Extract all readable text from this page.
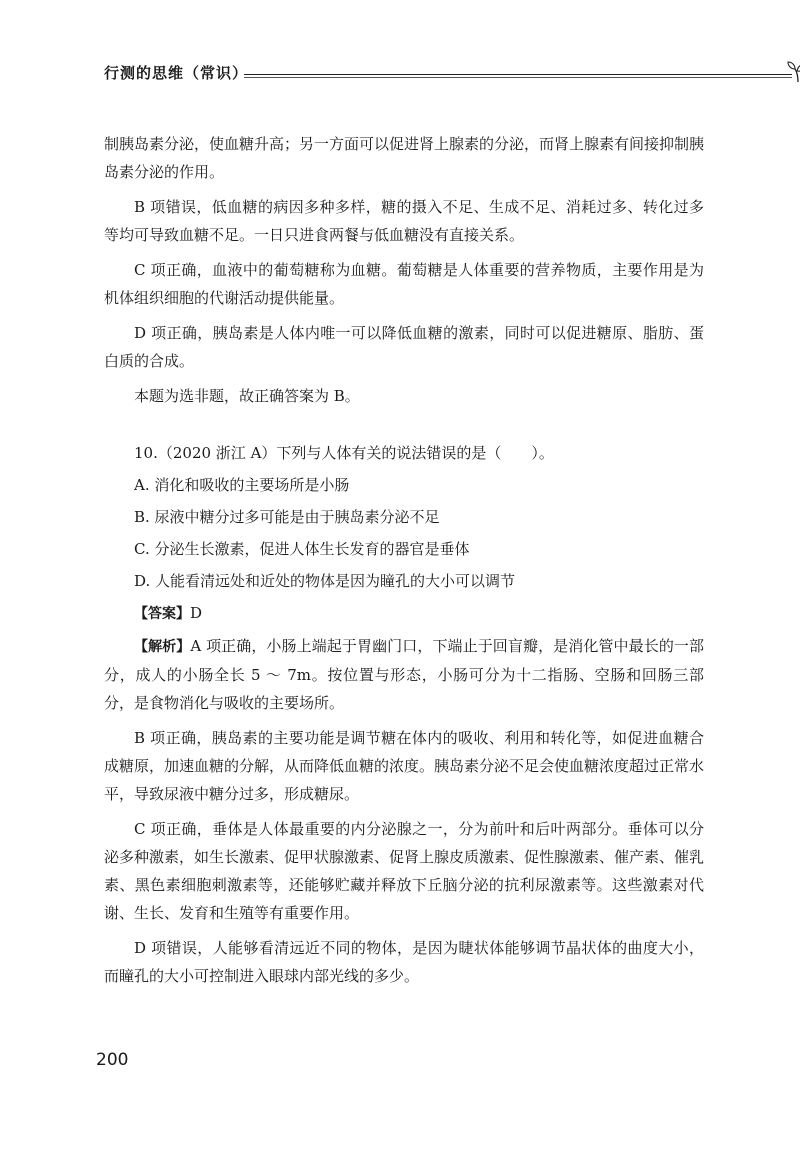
行测的思维（常识）

制胰岛素分泌，使血糖升高；另一方面可以促进肾上腺素的分泌，而肾上腺素有间接抑制胰岛素分泌的作用。

B 项错误，低血糖的病因多种多样，糖的摄入不足、生成不足、消耗过多、转化过多等均可导致血糖不足。一日只进食两餐与低血糖没有直接关系。

C 项正确，血液中的葡萄糖称为血糖。葡萄糖是人体重要的营养物质，主要作用是为机体组织细胞的代谢活动提供能量。

D 项正确，胰岛素是人体内唯一可以降低血糖的激素，同时可以促进糖原、脂肪、蛋白质的合成。

本题为选非题，故正确答案为 B。

10.（2020 浙江 A）下列与人体有关的说法错误的是（　　）。

A. 消化和吸收的主要场所是小肠

B. 尿液中糖分过多可能是由于胰岛素分泌不足

C. 分泌生长激素，促进人体生长发育的器官是垂体

D. 人能看清远处和近处的物体是因为瞳孔的大小可以调节

【答案】D

【解析】A 项正确，小肠上端起于胃幽门口，下端止于回盲瓣，是消化管中最长的一部分，成人的小肠全长 5 ～ 7m。按位置与形态，小肠可分为十二指肠、空肠和回肠三部分，是食物消化与吸收的主要场所。

B 项正确，胰岛素的主要功能是调节糖在体内的吸收、利用和转化等，如促进血糖合成糖原，加速血糖的分解，从而降低血糖的浓度。胰岛素分泌不足会使血糖浓度超过正常水平，导致尿液中糖分过多，形成糖尿。

C 项正确，垂体是人体最重要的内分泌腺之一，分为前叶和后叶两部分。垂体可以分泌多种激素，如生长激素、促甲状腺激素、促肾上腺皮质激素、促性腺激素、催产素、催乳素、黑色素细胞刺激素等，还能够贮藏并释放下丘脑分泌的抗利尿激素等。这些激素对代谢、生长、发育和生殖等有重要作用。

D 项错误，人能够看清远近不同的物体，是因为睫状体能够调节晶状体的曲度大小，而瞳孔的大小可控制进入眼球内部光线的多少。

200
